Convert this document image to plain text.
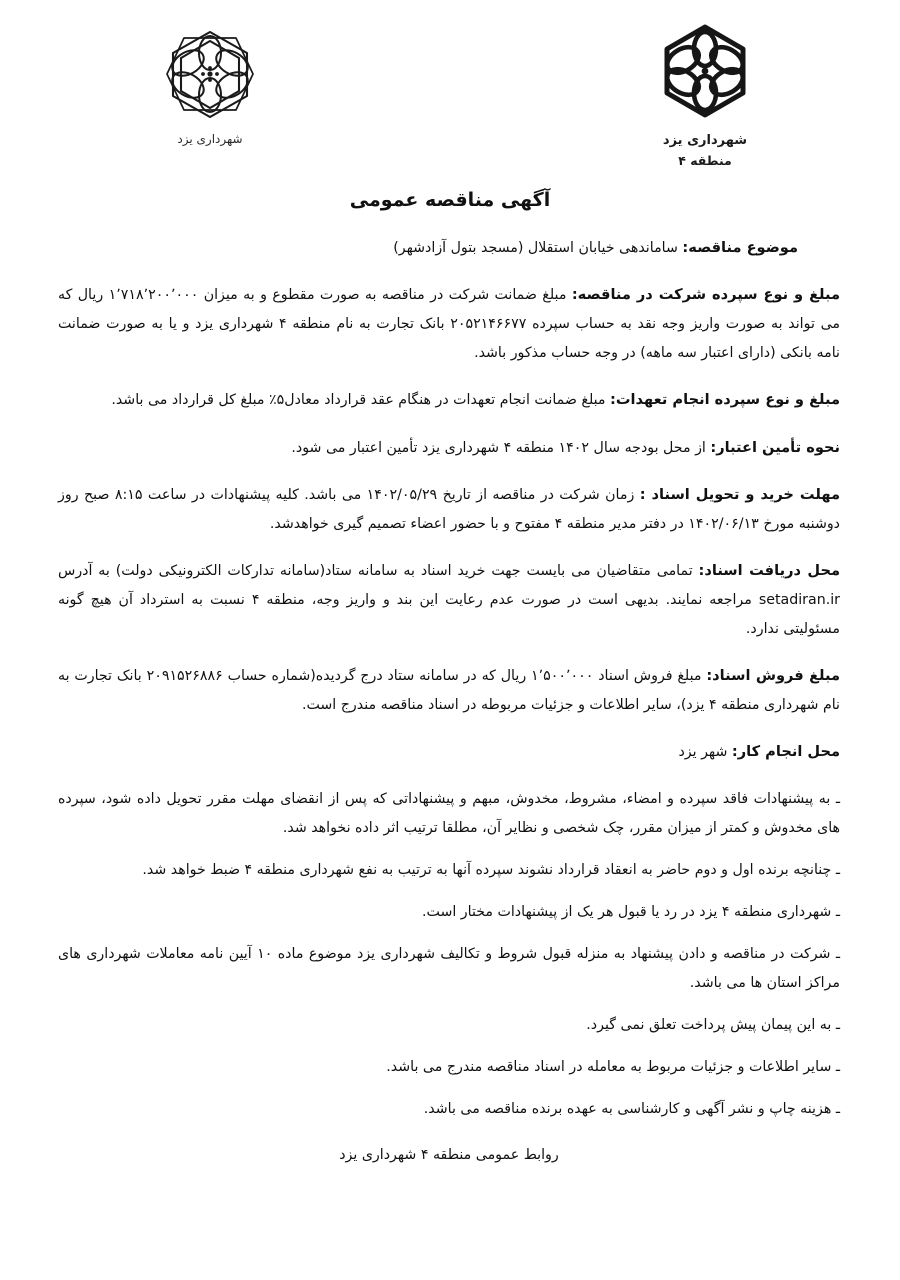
شهرداری یزد	شهرداری یزد
منطقه ۴
آگهی مناقصه عمومی

موضوع مناقصه: ساماندهی خیابان استقلال (مسجد بتول آزادشهر)

مبلغ و نوع سپرده شرکت در مناقصه: مبلغ ضمانت شرکت در مناقصه به صورت مقطوع و به میزان ۱٬۷۱۸٬۲۰۰٬۰۰۰ ریال که می تواند به صورت واریز وجه نقد به حساب سپرده ۲۰۵۲۱۴۶۶۷۷ بانک تجارت به نام منطقه ۴ شهرداری یزد و یا به صورت ضمانت نامه بانکی (دارای اعتبار سه ماهه) در وجه حساب مذکور باشد.

مبلغ و نوع سپرده انجام تعهدات: مبلغ ضمانت انجام تعهدات در هنگام عقد قرارداد معادل۵٪ مبلغ کل قرارداد می باشد.

نحوه تأمین اعتبار: از محل بودجه سال ۱۴۰۲ منطقه ۴ شهرداری یزد تأمین اعتبار می شود.

مهلت خرید و تحویل اسناد : زمان شرکت در مناقصه از تاریخ ۱۴۰۲/۰۵/۲۹ می باشد. کلیه پیشنهادات در ساعت ۸:۱۵ صبح روز دوشنبه مورخ ۱۴۰۲/۰۶/۱۳ در دفتر مدیر منطقه ۴ مفتوح و با حضور اعضاء تصمیم گیری خواهدشد.

محل دریافت اسناد: تمامی متقاضیان می بایست جهت خرید اسناد به سامانه ستاد(سامانه تدارکات الکترونیکی دولت) به آدرس setadiran.ir مراجعه نمایند. بدیهی است در صورت عدم رعایت این بند و واریز وجه، منطقه ۴ نسبت به استرداد آن هیچ گونه مسئولیتی ندارد.

مبلغ فروش اسناد: مبلغ فروش اسناد ۱٬۵۰۰٬۰۰۰ ریال که در سامانه ستاد درج گردیده(شماره حساب ۲۰۹۱۵۲۶۸۸۶ بانک تجارت به نام شهرداری منطقه ۴ یزد)، سایر اطلاعات و جزئیات مربوطه در اسناد مناقصه مندرج است.

محل انجام کار: شهر یزد

ـ به پیشنهادات فاقد سپرده و امضاء، مشروط، مخدوش، مبهم و پیشنهاداتی که پس از انقضای مهلت مقرر تحویل داده شود، سپرده های مخدوش و کمتر از میزان مقرر، چک شخصی و نظایر آن، مطلقا ترتیب اثر داده نخواهد شد.
ـ چنانچه برنده اول و دوم حاضر به انعقاد قرارداد نشوند سپرده آنها به ترتیب به نفع شهرداری منطقه ۴ ضبط خواهد شد.
ـ شهرداری منطقه ۴ یزد در رد یا قبول هر یک از پیشنهادات مختار است.
ـ شرکت در مناقصه و دادن پیشنهاد به منزله قبول شروط و تکالیف شهرداری یزد موضوع ماده ۱۰ آیین نامه معاملات شهرداری های مراکز استان ها می باشد.
ـ به این پیمان پیش پرداخت تعلق نمی گیرد.
ـ سایر اطلاعات و جزئیات مربوط به معامله در اسناد مناقصه مندرج می باشد.
ـ هزینه چاپ و نشر آگهی و کارشناسی به عهده برنده مناقصه می باشد.
روابط عمومی منطقه ۴ شهرداری یزد
